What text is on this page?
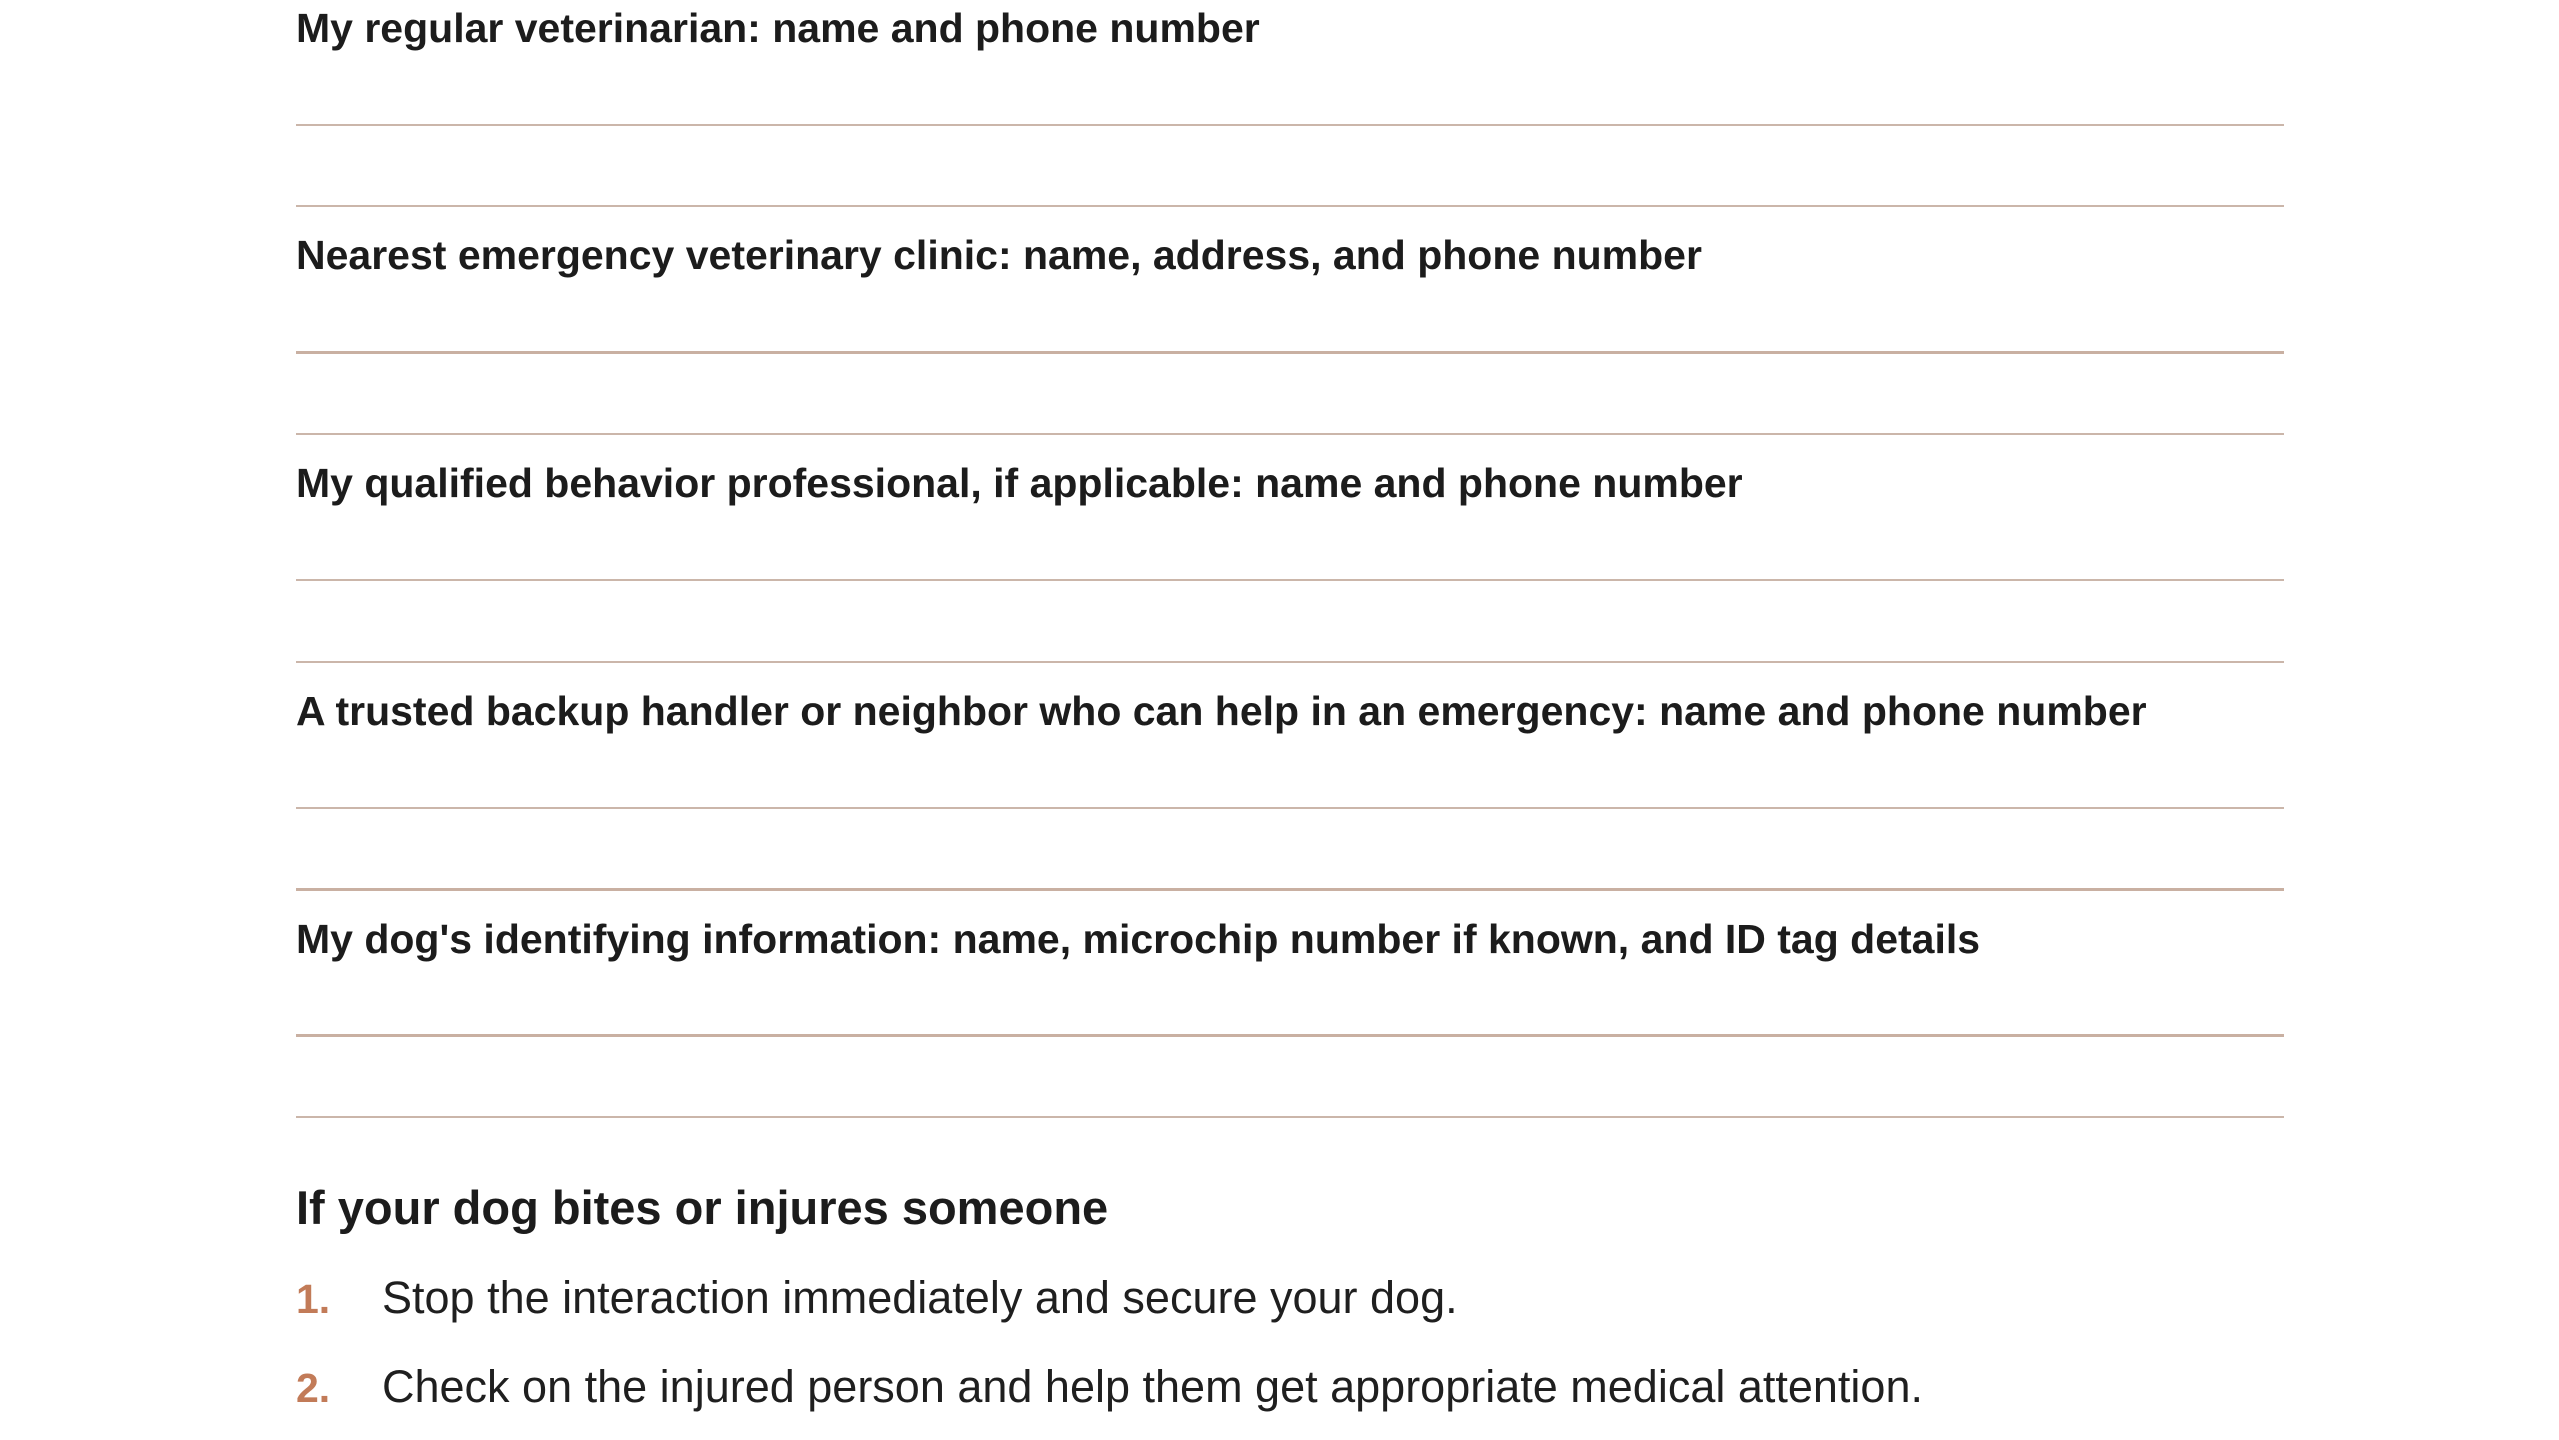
My regular veterinarian: name and phone number
Nearest emergency veterinary clinic: name, address, and phone number
My qualified behavior professional, if applicable: name and phone number
A trusted backup handler or neighbor who can help in an emergency: name and phone number
My dog's identifying information: name, microchip number if known, and ID tag details
If your dog bites or injures someone
1. Stop the interaction immediately and secure your dog.
2. Check on the injured person and help them get appropriate medical attention.
